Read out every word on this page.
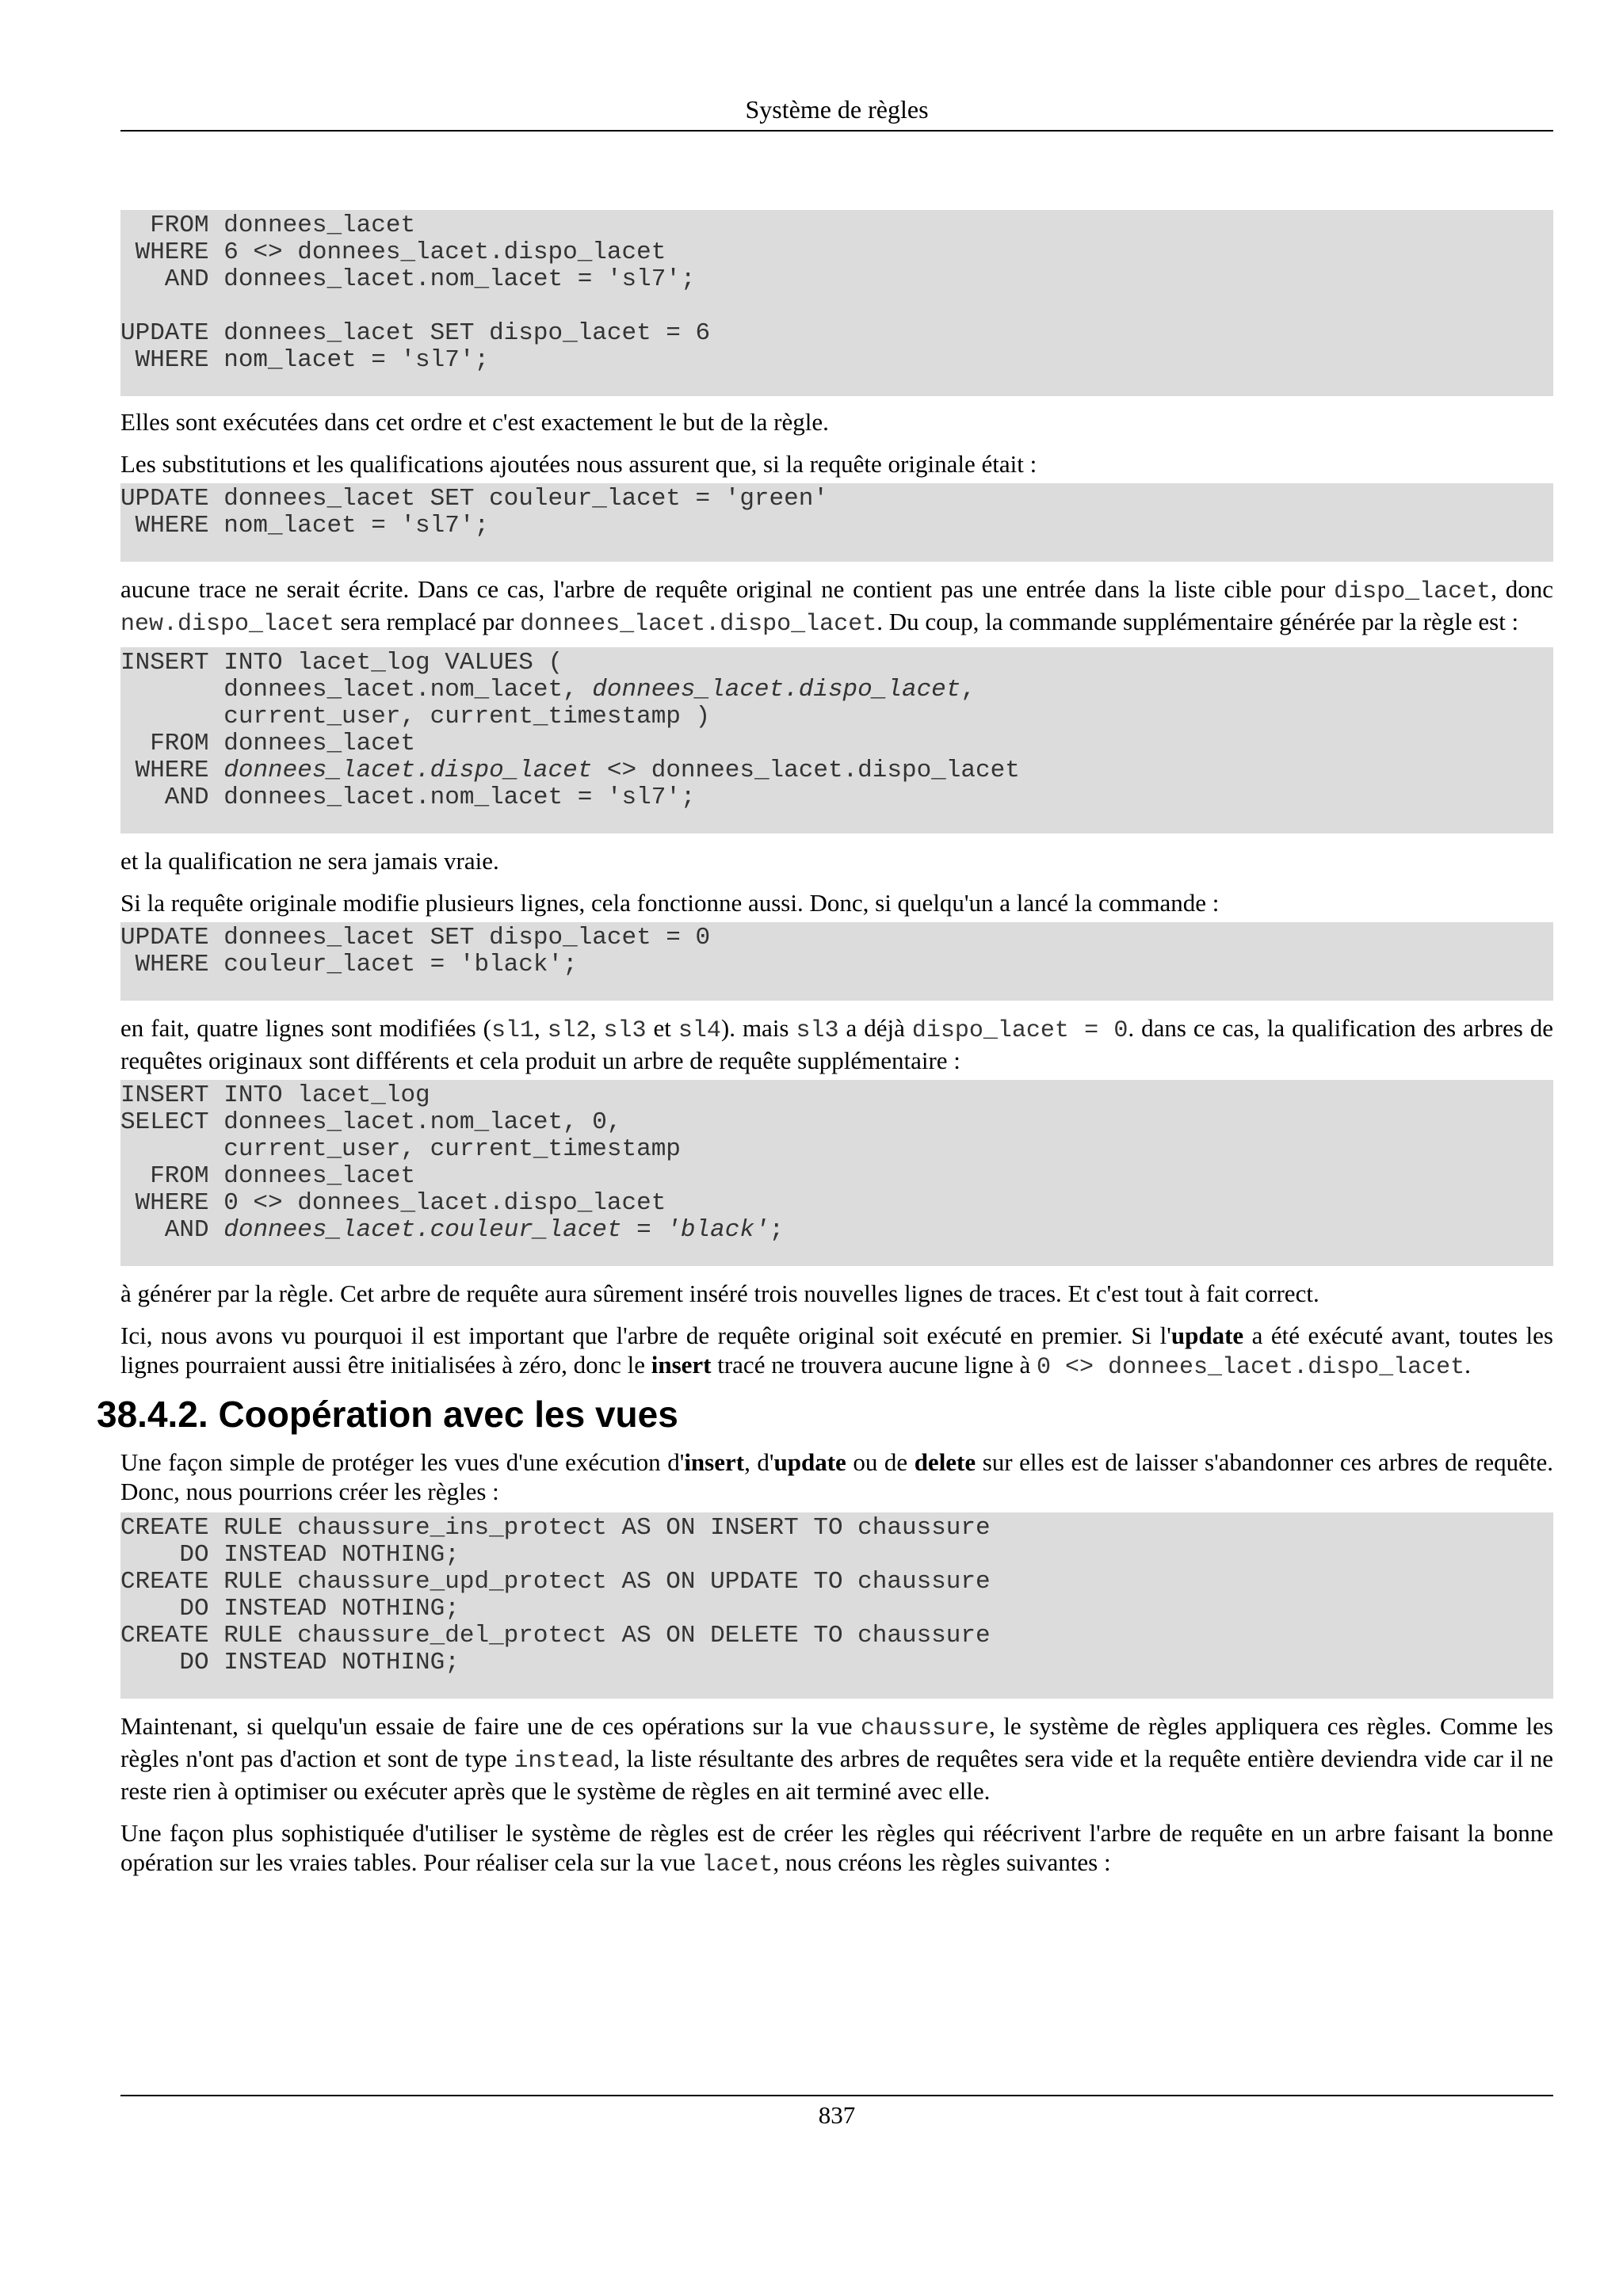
Système de règles
FROM donnees_lacet
WHERE 6 <> donnees_lacet.dispo_lacet
AND donnees_lacet.nom_lacet = 'sl7';

UPDATE donnees_lacet SET dispo_lacet = 6
WHERE nom_lacet = 'sl7';

Elles sont exécutées dans cet ordre et c'est exactement le but de la règle.

Les substitutions et les qualifications ajoutées nous assurent que, si la requête originale était :

UPDATE donnees_lacet SET couleur_lacet = 'green'
WHERE nom_lacet = 'sl7';

aucune trace ne serait écrite. Dans ce cas, l'arbre de requête original ne contient pas une entrée dans la liste cible pour dispo_lacet, donc new.dispo_lacet sera remplacé par donnees_lacet.dispo_lacet. Du coup, la commande supplémentaire générée par la règle est :

INSERT INTO lacet_log VALUES (
donnees_lacet.nom_lacet, donnees_lacet.dispo_lacet,
current_user, current_timestamp )
FROM donnees_lacet
WHERE donnees_lacet.dispo_lacet <> donnees_lacet.dispo_lacet
AND donnees_lacet.nom_lacet = 'sl7';

et la qualification ne sera jamais vraie.

Si la requête originale modifie plusieurs lignes, cela fonctionne aussi. Donc, si quelqu'un a lancé la commande :

UPDATE donnees_lacet SET dispo_lacet = 0
WHERE couleur_lacet = 'black';

en fait, quatre lignes sont modifiées (sl1, sl2, sl3 et sl4). mais sl3 a déjà dispo_lacet = 0. dans ce cas, la qualification des arbres de requêtes originaux sont différents et cela produit un arbre de requête supplémentaire :

INSERT INTO lacet_log
SELECT donnees_lacet.nom_lacet, 0,
current_user, current_timestamp
FROM donnees_lacet
WHERE 0 <> donnees_lacet.dispo_lacet
AND donnees_lacet.couleur_lacet = 'black';

à générer par la règle. Cet arbre de requête aura sûrement inséré trois nouvelles lignes de traces. Et c'est tout à fait correct.

Ici, nous avons vu pourquoi il est important que l'arbre de requête original soit exécuté en premier. Si l'update a été exécuté avant, toutes les lignes pourraient aussi être initialisées à zéro, donc le insert tracé ne trouvera aucune ligne à 0 <> donnees_lacet.dispo_lacet.

38.4.2. Coopération avec les vues

Une façon simple de protéger les vues d'une exécution d'insert, d'update ou de delete sur elles est de laisser s'abandonner ces arbres de requête. Donc, nous pourrions créer les règles :

CREATE RULE chaussure_ins_protect AS ON INSERT TO chaussure
DO INSTEAD NOTHING;
CREATE RULE chaussure_upd_protect AS ON UPDATE TO chaussure
DO INSTEAD NOTHING;
CREATE RULE chaussure_del_protect AS ON DELETE TO chaussure
DO INSTEAD NOTHING;

Maintenant, si quelqu'un essaie de faire une de ces opérations sur la vue chaussure, le système de règles appliquera ces règles. Comme les règles n'ont pas d'action et sont de type instead, la liste résultante des arbres de requêtes sera vide et la requête entière deviendra vide car il ne reste rien à optimiser ou exécuter après que le système de règles en ait terminé avec elle.

Une façon plus sophistiquée d'utiliser le système de règles est de créer les règles qui réécrivent l'arbre de requête en un arbre faisant la bonne opération sur les vraies tables. Pour réaliser cela sur la vue lacet, nous créons les règles suivantes :

837
